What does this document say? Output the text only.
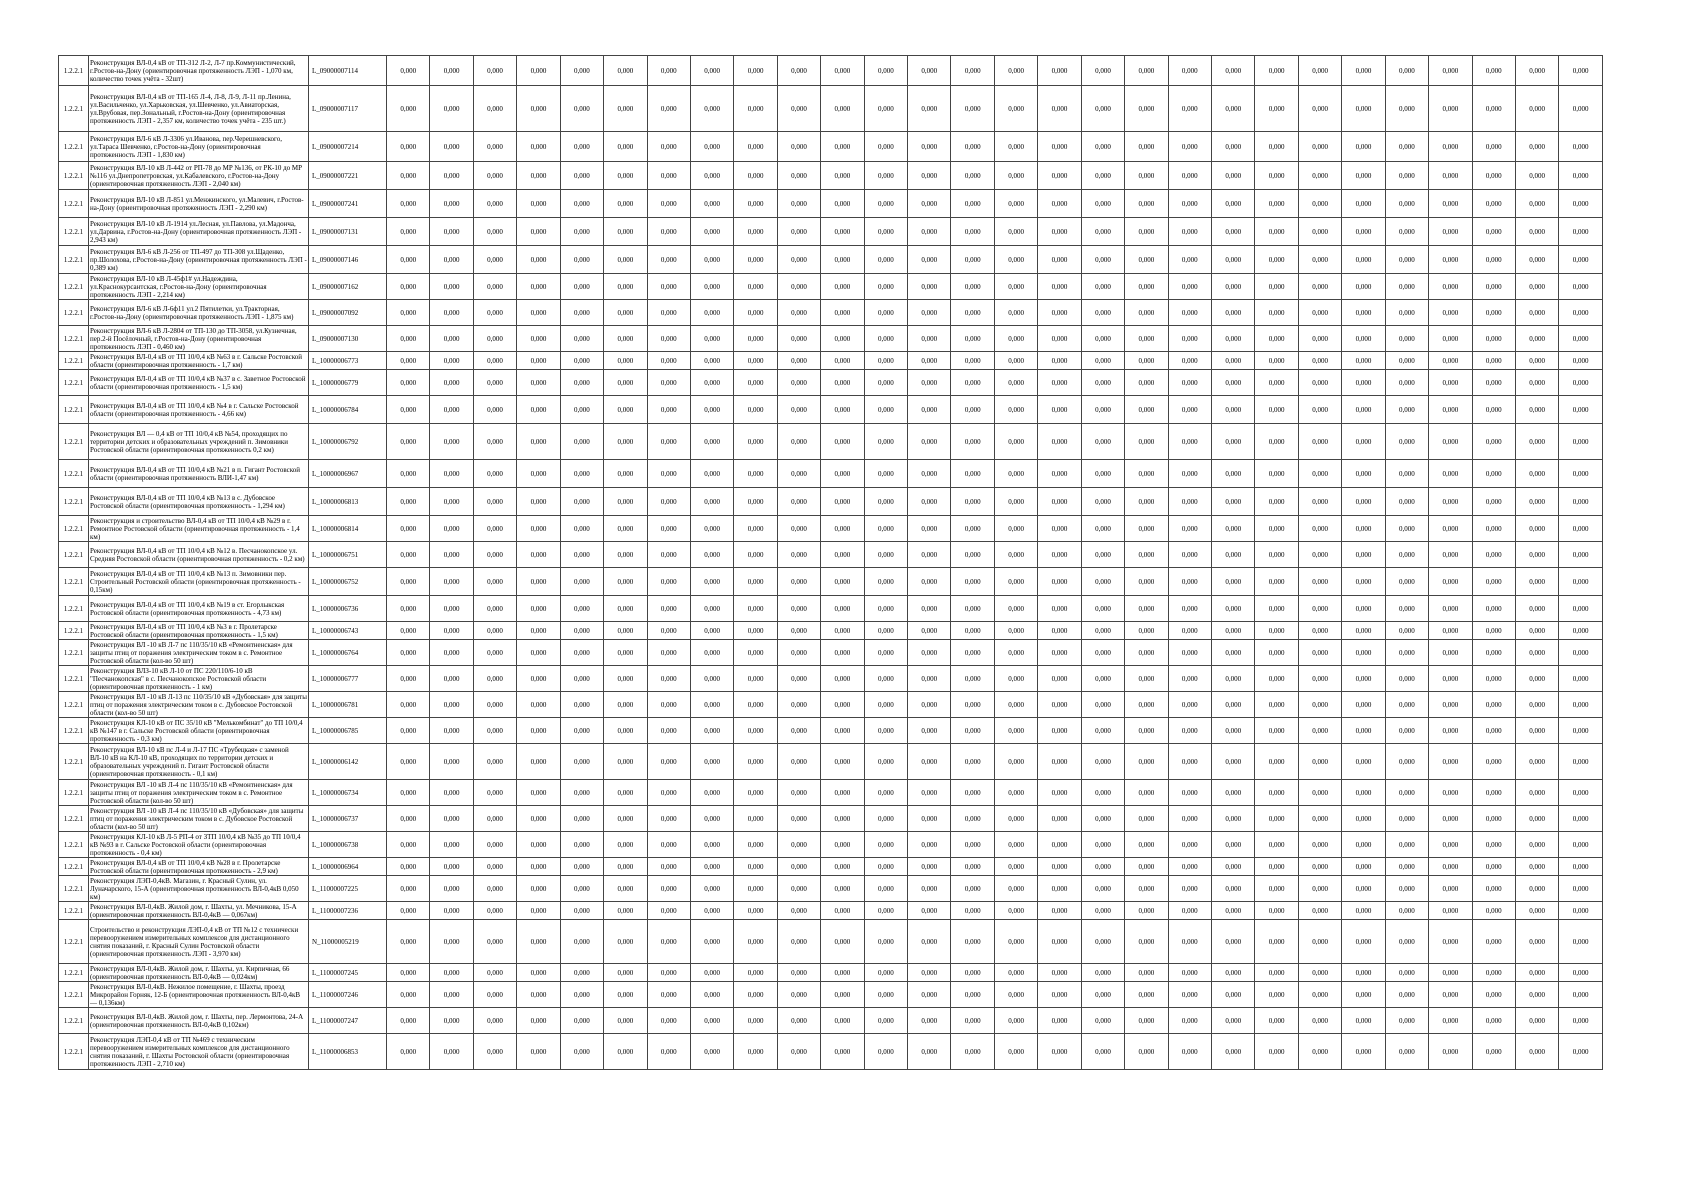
1.2.2.1	Реконструкция ВЛ-0,4 кВ от ТП-312 Л-2, Л-7 пр.Коммунистический, г.Ростов-на-Дону (ориентировочная протяженность ЛЭП - 1,070 км, количество точек учёта - 32шт)	L_09000007114	0,000	0,000	0,000	0,000	0,000	0,000	0,000	0,000	0,000	0,000	0,000	0,000	0,000	0,000	0,000	0,000	0,000	0,000	0,000	0,000	0,000	0,000	0,000	0,000	0,000	0,000	0,000	0,000
1.2.2.1	Реконструкция ВЛ-0,4 кВ от ТП-165 Л-4, Л-8, Л-9, Л-11 пр.Ленина, ул.Васильченко, ул.Харьковская, ул.Шевченко, ул.Авиаторская, ул.Врубовая, пер.Зональный, г.Ростов-на-Дону (ориентировочная протяженность ЛЭП - 2,357 км, количество точек учёта - 235 шт.)	L_09000007117	0,000	0,000	0,000	0,000	0,000	0,000	0,000	0,000	0,000	0,000	0,000	0,000	0,000	0,000	0,000	0,000	0,000	0,000	0,000	0,000	0,000	0,000	0,000	0,000	0,000	0,000	0,000	0,000
1.2.2.1	Реконструкция ВЛ-6 кВ Л-3306 ул.Иванова, пер.Черешневского, ул.Тараса Шевченко, г.Ростов-на-Дону (ориентировочная протяженность ЛЭП - 1,830 км)	L_09000007214	0,000	0,000	0,000	0,000	0,000	0,000	0,000	0,000	0,000	0,000	0,000	0,000	0,000	0,000	0,000	0,000	0,000	0,000	0,000	0,000	0,000	0,000	0,000	0,000	0,000	0,000	0,000	0,000
1.2.2.1	Реконструкция ВЛ-10 кВ Л-442 от РП-78 до МР №136, от РК-10 до МР №116 ул.Днепропетровская, ул.Кабалевского, г.Ростов-на-Дону (ориентировочная протяженность ЛЭП - 2,040 км)	L_09000007221	0,000	0,000	0,000	0,000	0,000	0,000	0,000	0,000	0,000	0,000	0,000	0,000	0,000	0,000	0,000	0,000	0,000	0,000	0,000	0,000	0,000	0,000	0,000	0,000	0,000	0,000	0,000	0,000
1.2.2.1	Реконструкция ВЛ-10 кВ Л-851 ул.Менжинского, ул.Малевич, г.Ростов-на-Дону (ориентировочная протяженность ЛЭП - 2,290 км)	L_09000007241	0,000	0,000	0,000	0,000	0,000	0,000	0,000	0,000	0,000	0,000	0,000	0,000	0,000	0,000	0,000	0,000	0,000	0,000	0,000	0,000	0,000	0,000	0,000	0,000	0,000	0,000	0,000	0,000
1.2.2.1	Реконструкция ВЛ-10 кВ Л-1914 ул.Лесная, ул.Павлова, ул.Мадонча, ул.Дарвина, г.Ростов-на-Дону (ориентировочная протяженность ЛЭП - 2,943 км)	L_09000007131	0,000	0,000	0,000	0,000	0,000	0,000	0,000	0,000	0,000	0,000	0,000	0,000	0,000	0,000	0,000	0,000	0,000	0,000	0,000	0,000	0,000	0,000	0,000	0,000	0,000	0,000	0,000	0,000
1.2.2.1	Реконструкция ВЛ-6 кВ Л-256 от ТП-497 до ТП-308 ул.Щаденко, пр.Шолохова, г.Ростов-на-Дону (ориентировочная протяженность ЛЭП - 0,389 км)	L_09000007146	0,000	0,000	0,000	0,000	0,000	0,000	0,000	0,000	0,000	0,000	0,000	0,000	0,000	0,000	0,000	0,000	0,000	0,000	0,000	0,000	0,000	0,000	0,000	0,000	0,000	0,000	0,000	0,000
1.2.2.1	Реконструкция ВЛ-10 кВ Л-45ф1# ул.Надеждина, ул.Краснокурсантская, г.Ростов-на-Дону (ориентировочная протяженность ЛЭП - 2,214 км)	L_09000007162	0,000	0,000	0,000	0,000	0,000	0,000	0,000	0,000	0,000	0,000	0,000	0,000	0,000	0,000	0,000	0,000	0,000	0,000	0,000	0,000	0,000	0,000	0,000	0,000	0,000	0,000	0,000	0,000
1.2.2.1	Реконструкция ВЛ-6 кВ Л-6ф11 ул.2 Пятилетки, ул.Тракторная, г.Ростов-на-Дону (ориентировочная протяженность ЛЭП - 1,875 км)	L_09000007092	0,000	0,000	0,000	0,000	0,000	0,000	0,000	0,000	0,000	0,000	0,000	0,000	0,000	0,000	0,000	0,000	0,000	0,000	0,000	0,000	0,000	0,000	0,000	0,000	0,000	0,000	0,000	0,000
1.2.2.1	Реконструкция ВЛ-6 кВ Л-2804 от ТП-130 до ТП-3058, ул.Кузнечная, пер.2-й Посёлочный, г.Ростов-на-Дону (ориентировочная протяженность ЛЭП - 0,460 км)	L_09000007130	0,000	0,000	0,000	0,000	0,000	0,000	0,000	0,000	0,000	0,000	0,000	0,000	0,000	0,000	0,000	0,000	0,000	0,000	0,000	0,000	0,000	0,000	0,000	0,000	0,000	0,000	0,000	0,000
1.2.2.1	Реконструкция ВЛ-0,4 кВ от ТП 10/0,4 кВ №63 в г. Сальске Ростовской области (ориентировочная протяженность - 1,7 км)	L_10000006773	0,000	0,000	0,000	0,000	0,000	0,000	0,000	0,000	0,000	0,000	0,000	0,000	0,000	0,000	0,000	0,000	0,000	0,000	0,000	0,000	0,000	0,000	0,000	0,000	0,000	0,000	0,000	0,000
1.2.2.1	Реконструкция ВЛ-0,4 кВ от ТП 10/0,4 кВ №37 в с. Заветное Ростовской области (ориентировочная протяженность - 1,5 км)	L_10000006779	0,000	0,000	0,000	0,000	0,000	0,000	0,000	0,000	0,000	0,000	0,000	0,000	0,000	0,000	0,000	0,000	0,000	0,000	0,000	0,000	0,000	0,000	0,000	0,000	0,000	0,000	0,000	0,000
1.2.2.1	Реконструкция ВЛ-0,4 кВ от ТП 10/0,4 кВ №4 в г. Сальске Ростовской области (ориентировочная протяженность - 4,66 км)	L_10000006784	0,000	0,000	0,000	0,000	0,000	0,000	0,000	0,000	0,000	0,000	0,000	0,000	0,000	0,000	0,000	0,000	0,000	0,000	0,000	0,000	0,000	0,000	0,000	0,000	0,000	0,000	0,000	0,000
1.2.2.1	Реконструкция ВЛ — 0,4 кВ от ТП 10/0,4 кВ №54, проходящих по территории детских и образовательных учреждений п. Зимовники Ростовской области (ориентировочная протяженность 0,2 км)	L_10000006792	0,000	0,000	0,000	0,000	0,000	0,000	0,000	0,000	0,000	0,000	0,000	0,000	0,000	0,000	0,000	0,000	0,000	0,000	0,000	0,000	0,000	0,000	0,000	0,000	0,000	0,000	0,000	0,000
1.2.2.1	Реконструкция ВЛ-0,4 кВ от ТП 10/0,4 кВ №21 в п. Гигант Ростовской области (ориентировочная протяженность ВЛИ-1,47 км)	L_10000006967	0,000	0,000	0,000	0,000	0,000	0,000	0,000	0,000	0,000	0,000	0,000	0,000	0,000	0,000	0,000	0,000	0,000	0,000	0,000	0,000	0,000	0,000	0,000	0,000	0,000	0,000	0,000	0,000
1.2.2.1	Реконструкция ВЛ-0,4 кВ от ТП 10/0,4 кВ №13 в с. Дубовское Ростовской области (ориентировочная протяженность - 1,294 км)	L_10000006813	0,000	0,000	0,000	0,000	0,000	0,000	0,000	0,000	0,000	0,000	0,000	0,000	0,000	0,000	0,000	0,000	0,000	0,000	0,000	0,000	0,000	0,000	0,000	0,000	0,000	0,000	0,000	0,000
1.2.2.1	Реконструкция и строительство ВЛ-0,4 кВ от ТП 10/0,4 кВ №29 в г. Ремонтное Ростовской области (ориентировочная протяженность - 1,4 км)	L_10000006814	0,000	0,000	0,000	0,000	0,000	0,000	0,000	0,000	0,000	0,000	0,000	0,000	0,000	0,000	0,000	0,000	0,000	0,000	0,000	0,000	0,000	0,000	0,000	0,000	0,000	0,000	0,000	0,000
1.2.2.1	Реконструкция ВЛ-0,4 кВ от ТП 10/0,4 кВ №12 в. Песчанокопское ул. Средняя Ростовской области (ориентировочная протяженность - 0,2 км)	L_10000006751	0,000	0,000	0,000	0,000	0,000	0,000	0,000	0,000	0,000	0,000	0,000	0,000	0,000	0,000	0,000	0,000	0,000	0,000	0,000	0,000	0,000	0,000	0,000	0,000	0,000	0,000	0,000	0,000
1.2.2.1	Реконструкция ВЛ-0,4 кВ от ТП 10/0,4 кВ №13 п. Зимовники пер. Строительный Ростовской области (ориентировочная протяженность - 0,15км)	L_10000006752	0,000	0,000	0,000	0,000	0,000	0,000	0,000	0,000	0,000	0,000	0,000	0,000	0,000	0,000	0,000	0,000	0,000	0,000	0,000	0,000	0,000	0,000	0,000	0,000	0,000	0,000	0,000	0,000
1.2.2.1	Реконструкция ВЛ-0,4 кВ от ТП 10/0,4 кВ №19 в ст. Егорлыкская Ростовской области (ориентировочная протяженность - 4,73 км)	L_10000006736	0,000	0,000	0,000	0,000	0,000	0,000	0,000	0,000	0,000	0,000	0,000	0,000	0,000	0,000	0,000	0,000	0,000	0,000	0,000	0,000	0,000	0,000	0,000	0,000	0,000	0,000	0,000	0,000
1.2.2.1	Реконструкция ВЛ-0,4 кВ от ТП 10/0,4 кВ №3 в г. Пролетарске Ростовской области (ориентировочная протяженность - 1,5 км)	L_10000006743	0,000	0,000	0,000	0,000	0,000	0,000	0,000	0,000	0,000	0,000	0,000	0,000	0,000	0,000	0,000	0,000	0,000	0,000	0,000	0,000	0,000	0,000	0,000	0,000	0,000	0,000	0,000	0,000
1.2.2.1	Реконструкция ВЛ -10 кВ Л-7 пс 110/35/10 кВ «Ремонтненская» для защиты птиц от поражения электрическим током в с. Ремонтное Ростовской области (кол-во 50 шт)	L_10000006764	0,000	0,000	0,000	0,000	0,000	0,000	0,000	0,000	0,000	0,000	0,000	0,000	0,000	0,000	0,000	0,000	0,000	0,000	0,000	0,000	0,000	0,000	0,000	0,000	0,000	0,000	0,000	0,000
1.2.2.1	Реконструкция ВЛЗ-10 кВ Л-10 от ПС 220/110/6-10 кВ "Песчанокопская" в с. Песчанокопское Ростовской области (ориентировочная протяженность - 1 км)	L_10000006777	0,000	0,000	0,000	0,000	0,000	0,000	0,000	0,000	0,000	0,000	0,000	0,000	0,000	0,000	0,000	0,000	0,000	0,000	0,000	0,000	0,000	0,000	0,000	0,000	0,000	0,000	0,000	0,000
1.2.2.1	Реконструкция ВЛ -10 кВ Л-13 пс 110/35/10 кВ «Дубовская» для защиты птиц от поражения электрическим током в с. Дубовское Ростовской области (кол-во 50 шт)	L_10000006781	0,000	0,000	0,000	0,000	0,000	0,000	0,000	0,000	0,000	0,000	0,000	0,000	0,000	0,000	0,000	0,000	0,000	0,000	0,000	0,000	0,000	0,000	0,000	0,000	0,000	0,000	0,000	0,000
1.2.2.1	Реконструкция КЛ-10 кВ от ПС 35/10 кВ "Мелькомбинат" до ТП 10/0,4 кВ №147 в г. Сальске Ростовской области (ориентировочная протяженность - 0,3 км)	L_10000006785	0,000	0,000	0,000	0,000	0,000	0,000	0,000	0,000	0,000	0,000	0,000	0,000	0,000	0,000	0,000	0,000	0,000	0,000	0,000	0,000	0,000	0,000	0,000	0,000	0,000	0,000	0,000	0,000
1.2.2.1	Реконструкция ВЛ-10 кВ пс Л-4 и Л-17 ПС «Трубецкая» с заменой ВЛ-10 кВ на КЛ-10 кВ, проходящих по территории детских и образовательных учреждений п. Гигант Ростовской области (ориентировочная протяженность - 0,1 км)	L_10000006142	0,000	0,000	0,000	0,000	0,000	0,000	0,000	0,000	0,000	0,000	0,000	0,000	0,000	0,000	0,000	0,000	0,000	0,000	0,000	0,000	0,000	0,000	0,000	0,000	0,000	0,000	0,000	0,000
1.2.2.1	Реконструкция ВЛ -10 кВ Л-4 пс 110/35/10 кВ «Ремонтненская» для защиты птиц от поражения электрическим током в с. Ремонтное Ростовской области (кол-во 50 шт)	L_10000006734	0,000	0,000	0,000	0,000	0,000	0,000	0,000	0,000	0,000	0,000	0,000	0,000	0,000	0,000	0,000	0,000	0,000	0,000	0,000	0,000	0,000	0,000	0,000	0,000	0,000	0,000	0,000	0,000
1.2.2.1	Реконструкция ВЛ -10 кВ Л-4 пс 110/35/10 кВ «Дубовская» для защиты птиц от поражения электрическим током в с. Дубовское Ростовской области (кол-во 50 шт)	L_10000006737	0,000	0,000	0,000	0,000	0,000	0,000	0,000	0,000	0,000	0,000	0,000	0,000	0,000	0,000	0,000	0,000	0,000	0,000	0,000	0,000	0,000	0,000	0,000	0,000	0,000	0,000	0,000	0,000
1.2.2.1	Реконструкция КЛ-10 кВ Л-5 РП-4 от ЗТП 10/0,4 кВ №35 до ТП 10/0,4 кВ №93 в г. Сальске Ростовской области (ориентировочная протяженность - 0,4 км)	L_10000006738	0,000	0,000	0,000	0,000	0,000	0,000	0,000	0,000	0,000	0,000	0,000	0,000	0,000	0,000	0,000	0,000	0,000	0,000	0,000	0,000	0,000	0,000	0,000	0,000	0,000	0,000	0,000	0,000
1.2.2.1	Реконструкция ВЛ-0,4 кВ от ТП 10/0,4 кВ №28 в г. Пролетарске Ростовской области (ориентировочная протяженность - 2,9 км)	L_10000006964	0,000	0,000	0,000	0,000	0,000	0,000	0,000	0,000	0,000	0,000	0,000	0,000	0,000	0,000	0,000	0,000	0,000	0,000	0,000	0,000	0,000	0,000	0,000	0,000	0,000	0,000	0,000	0,000
1.2.2.1	Реконструкция ЛЭП-0,4кВ. Магазин, г. Красный Сулин, ул. Луначарского, 15-А (ориентировочная протяженность ВЛ-0,4кВ 0,050 км)	L_11000007225	0,000	0,000	0,000	0,000	0,000	0,000	0,000	0,000	0,000	0,000	0,000	0,000	0,000	0,000	0,000	0,000	0,000	0,000	0,000	0,000	0,000	0,000	0,000	0,000	0,000	0,000	0,000	0,000
1.2.2.1	Реконструкция ВЛ-0,4кВ. Жилой дом, г. Шахты, ул. Мечникова, 15-А (ориентировочная протяженность ВЛ-0,4кВ — 0,067км)	L_11000007236	0,000	0,000	0,000	0,000	0,000	0,000	0,000	0,000	0,000	0,000	0,000	0,000	0,000	0,000	0,000	0,000	0,000	0,000	0,000	0,000	0,000	0,000	0,000	0,000	0,000	0,000	0,000	0,000
1.2.2.1	Строительство и реконструкция ЛЭП-0,4 кВ от ТП №12 с технически перевооружением измерительных комплексов для дистанционного снятия показаний, г. Красный Сулин Ростовской области (ориентировочная протяженность ЛЭП - 3,970 км)	N_11000005219	0,000	0,000	0,000	0,000	0,000	0,000	0,000	0,000	0,000	0,000	0,000	0,000	0,000	0,000	0,000	0,000	0,000	0,000	0,000	0,000	0,000	0,000	0,000	0,000	0,000	0,000	0,000	0,000
1.2.2.1	Реконструкция ВЛ-0,4кВ. Жилой дом, г. Шахты, ул. Кирпичная, 66 (ориентировочная протяженность ВЛ-0,4кВ — 0,024км)	L_11000007245	0,000	0,000	0,000	0,000	0,000	0,000	0,000	0,000	0,000	0,000	0,000	0,000	0,000	0,000	0,000	0,000	0,000	0,000	0,000	0,000	0,000	0,000	0,000	0,000	0,000	0,000	0,000	0,000
1.2.2.1	Реконструкция ВЛ-0,4кВ. Нежилое помещение, г. Шахты, проезд Микрорайон Горняк, 12-Б (ориентировочная протяженность ВЛ-0,4кВ — 0,136км)	L_11000007246	0,000	0,000	0,000	0,000	0,000	0,000	0,000	0,000	0,000	0,000	0,000	0,000	0,000	0,000	0,000	0,000	0,000	0,000	0,000	0,000	0,000	0,000	0,000	0,000	0,000	0,000	0,000	0,000
1.2.2.1	Реконструкция ВЛ-0,4кВ. Жилой дом, г. Шахты, пер. Лермонтова, 24-А (ориентировочная протяженность ВЛ-0,4кВ 0,102км)	L_11000007247	0,000	0,000	0,000	0,000	0,000	0,000	0,000	0,000	0,000	0,000	0,000	0,000	0,000	0,000	0,000	0,000	0,000	0,000	0,000	0,000	0,000	0,000	0,000	0,000	0,000	0,000	0,000	0,000
1.2.2.1	Реконструкция ЛЭП-0,4 кВ от ТП №469 с техническим перевооружением измерительных комплексов для дистанционного снятия показаний, г. Шахты Ростовской области (ориентировочная протяженность ЛЭП - 2,710 км)	L_11000006853	0,000	0,000	0,000	0,000	0,000	0,000	0,000	0,000	0,000	0,000	0,000	0,000	0,000	0,000	0,000	0,000	0,000	0,000	0,000	0,000	0,000	0,000	0,000	0,000	0,000	0,000	0,000	0,000
